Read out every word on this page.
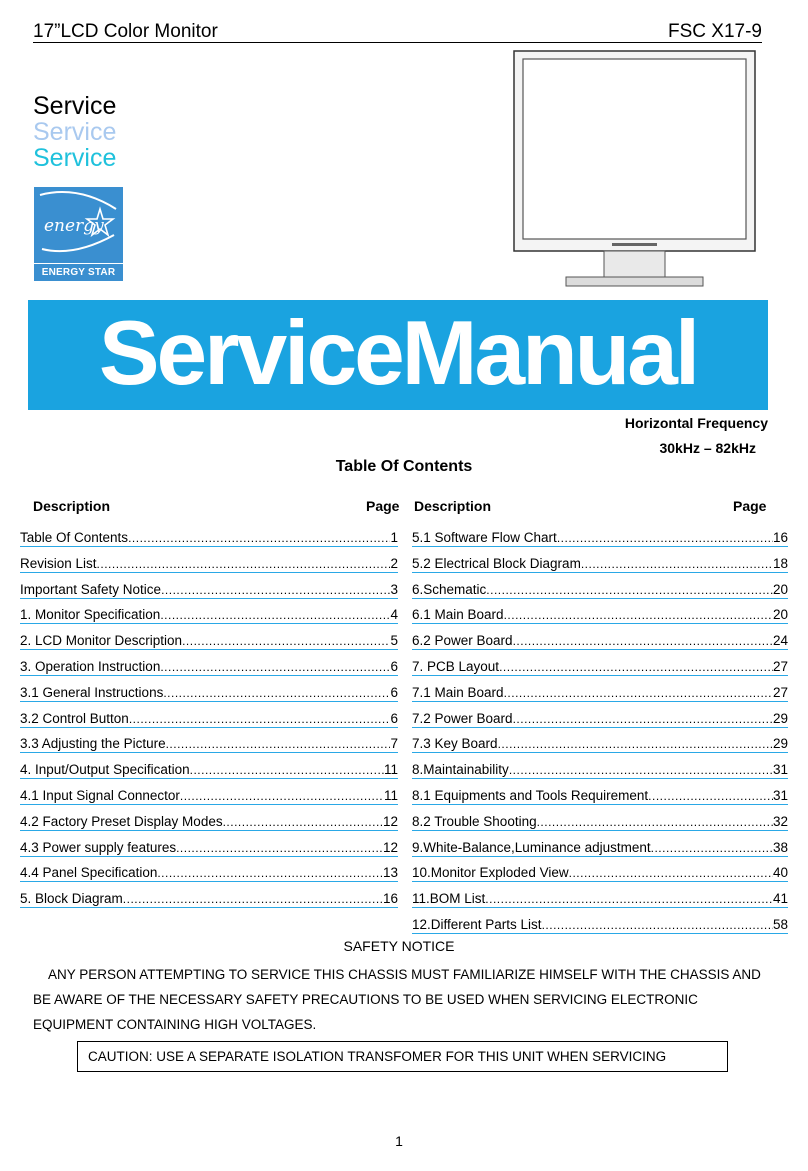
17”LCD Color Monitor	FSC X17-9
Service
Service
Service
energy
ENERGY STAR
ServiceManual
Horizontal Frequency
30kHz – 82kHz
Table Of Contents
Description	Page Description	Page
Table Of Contents .....	1
Revision List .....	2
Important Safety Notice .....	3
1. Monitor Specification .....	4
2. LCD Monitor Description .....	5
3. Operation Instruction .....	6
3.1 General Instructions .....	6
3.2 Control Button .....	6
3.3 Adjusting the Picture .....	7
4. Input/Output Specification .....	11
4.1 Input Signal Connector .....	11
4.2 Factory Preset Display Modes .....	12
4.3 Power supply features .....	12
4.4 Panel Specification .....	13
5. Block Diagram .....	16
5.1 Software Flow Chart .....	16
5.2 Electrical Block Diagram .....	18
6.Schematic .....	20
6.1 Main Board .....	20
6.2 Power Board .....	24
7. PCB Layout .....	27
7.1 Main Board .....	27
7.2 Power Board .....	29
7.3 Key Board .....	29
8.Maintainability .....	31
8.1 Equipments and Tools Requirement .....	31
8.2 Trouble Shooting .....	32
9.White-Balance,Luminance adjustment .....	38
10.Monitor Exploded View .....	40
11.BOM List .....	41
12.Different Parts List .....	58
SAFETY NOTICE
ANY PERSON ATTEMPTING TO SERVICE THIS CHASSIS MUST FAMILIARIZE HIMSELF WITH THE CHASSIS AND BE AWARE OF THE NECESSARY SAFETY PRECAUTIONS TO BE USED WHEN SERVICING ELECTRONIC EQUIPMENT CONTAINING HIGH VOLTAGES.
CAUTION: USE A SEPARATE ISOLATION TRANSFOMER FOR THIS UNIT WHEN SERVICING
1
